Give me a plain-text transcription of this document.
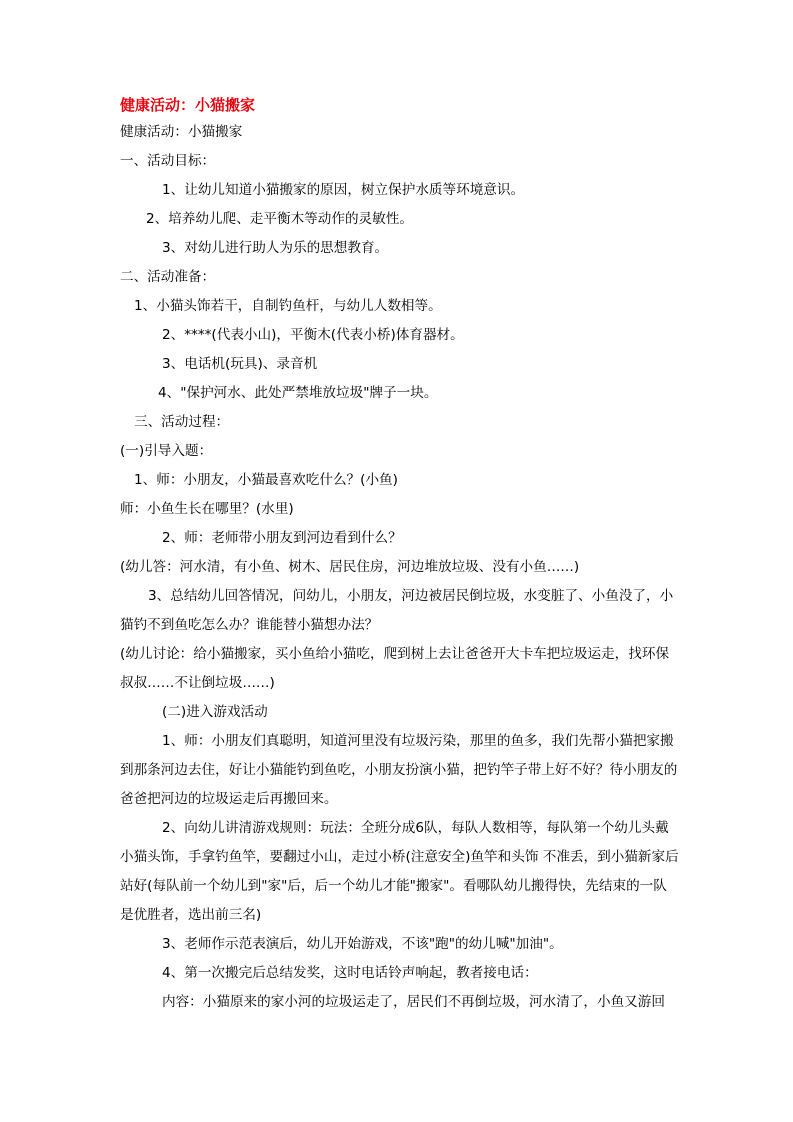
健康活动：小猫搬家

健康活动：小猫搬家

一、活动目标：

1、让幼儿知道小猫搬家的原因，树立保护水质等环境意识。

2、培养幼儿爬、走平衡木等动作的灵敏性。

3、对幼儿进行助人为乐的思想教育。

二、活动准备：

1、小猫头饰若干，自制钓鱼杆，与幼儿人数相等。

2、****(代表小山)，平衡木(代表小桥)体育器材。

3、电话机(玩具)、录音机

4、"保护河水、此处严禁堆放垃圾"牌子一块。

三、活动过程：

(一)引导入题：

1、师：小朋友，小猫最喜欢吃什么？(小鱼)

师：小鱼生长在哪里？(水里)

2、师：老师带小朋友到河边看到什么？

(幼儿答：河水清，有小鱼、树木、居民住房，河边堆放垃圾、没有小鱼……)

3、总结幼儿回答情况，问幼儿，小朋友，河边被居民倒垃圾，水变脏了、小鱼没了，小猫钓不到鱼吃怎么办？谁能替小猫想办法？

(幼儿讨论：给小猫搬家，买小鱼给小猫吃，爬到树上去让爸爸开大卡车把垃圾运走，找环保叔叔……不让倒垃圾……)

(二)进入游戏活动

1、师：小朋友们真聪明，知道河里没有垃圾污染，那里的鱼多，我们先帮小猫把家搬到那条河边去住，好让小猫能钓到鱼吃，小朋友扮演小猫，把钓竿子带上好不好？待小朋友的爸爸把河边的垃圾运走后再搬回来。

2、向幼儿讲清游戏规则：玩法：全班分成6队，每队人数相等，每队第一个幼儿头戴小猫头饰，手拿钓鱼竿，要翻过小山，走过小桥(注意安全)鱼竿和头饰 不准丢，到小猫新家后站好(每队前一个幼儿到"家"后，后一个幼儿才能"搬家"。看哪队幼儿搬得快，先结束的一队是优胜者，选出前三名)

3、老师作示范表演后，幼儿开始游戏，不该"跑"的幼儿喊"加油"。

4、第一次搬完后总结发奖，这时电话铃声响起，教者接电话：

内容：小猫原来的家小河的垃圾运走了，居民们不再倒垃圾，河水清了，小鱼又游回
